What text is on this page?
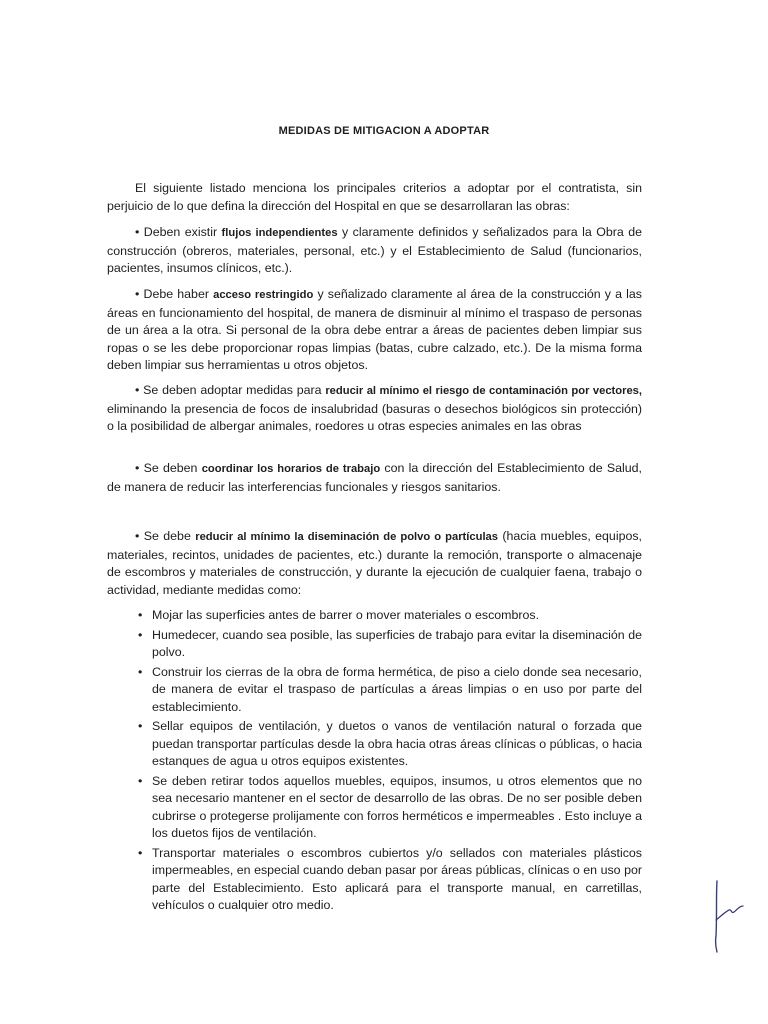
MEDIDAS DE MITIGACION A ADOPTAR

El siguiente listado menciona los principales criterios a adoptar por el contratista, sin perjuicio de lo que defina la dirección del Hospital en que se desarrollaran las obras:

• Deben existir flujos independientes y claramente definidos y señalizados para la Obra de construcción (obreros, materiales, personal, etc.) y el Establecimiento de Salud (funcionarios, pacientes, insumos clínicos, etc.).

• Debe haber acceso restringido y señalizado claramente al área de la construcción y a las áreas en funcionamiento del hospital, de manera de disminuir al mínimo el traspaso de personas de un área a la otra. Si personal de la obra debe entrar a áreas de pacientes deben limpiar sus ropas o se les debe proporcionar ropas limpias (batas, cubre calzado, etc.). De la misma forma deben limpiar sus herramientas u otros objetos.

• Se deben adoptar medidas para reducir al mínimo el riesgo de contaminación por vectores, eliminando la presencia de focos de insalubridad (basuras o desechos biológicos sin protección) o la posibilidad de albergar animales, roedores u otras especies animales en las obras

• Se deben coordinar los horarios de trabajo con la dirección del Establecimiento de Salud, de manera de reducir las interferencias funcionales y riesgos sanitarios.

• Se debe reducir al mínimo la diseminación de polvo o partículas (hacia muebles, equipos, materiales, recintos, unidades de pacientes, etc.) durante la remoción, transporte o almacenaje de escombros y materiales de construcción, y durante la ejecución de cualquier faena, trabajo o actividad, mediante medidas como:

• Mojar las superficies antes de barrer o mover materiales o escombros.
• Humedecer, cuando sea posible, las superficies de trabajo para evitar la diseminación de polvo.
• Construir los cierras de la obra de forma hermética, de piso a cielo donde sea necesario, de manera de evitar el traspaso de partículas a áreas limpias o en uso por parte del establecimiento.
• Sellar equipos de ventilación, y duetos o vanos de ventilación natural o forzada que puedan transportar partículas desde la obra hacia otras áreas clínicas o públicas, o hacia estanques de agua u otros equipos existentes.
• Se deben retirar todos aquellos muebles, equipos, insumos, u otros elementos que no sea necesario mantener en el sector de desarrollo de las obras. De no ser posible deben cubrirse o protegerse prolijamente con forros herméticos e impermeables . Esto incluye a los duetos fijos de ventilación.
• Transportar materiales o escombros cubiertos y/o sellados con materiales plásticos impermeables, en especial cuando deban pasar por áreas públicas, clínicas o en uso por parte del Establecimiento. Esto aplicará para el transporte manual, en carretillas, vehículos o cualquier otro medio.
